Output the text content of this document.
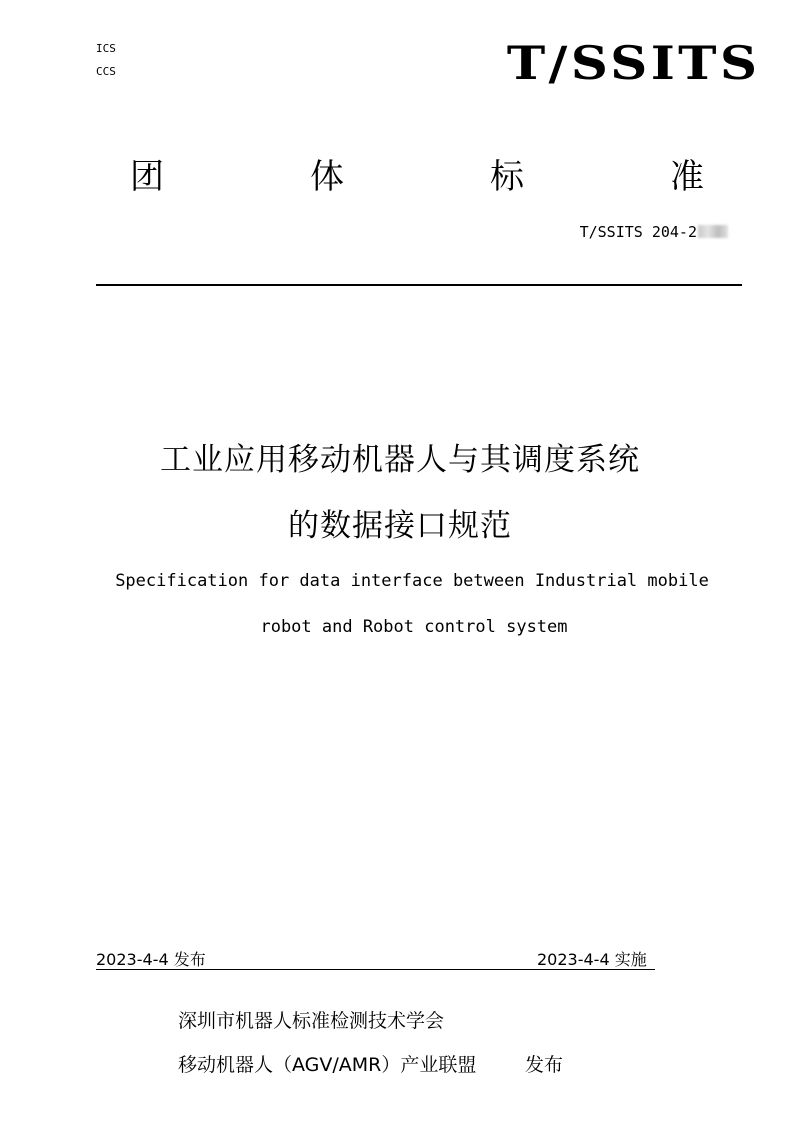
ICS
CCS	T/SSITS
团	体	标	准
T/SSITS 204-2
工业应用移动机器人与其调度系统
的数据接口规范
Specification for data interface between Industrial mobile
robot and Robot control system
2023-4-4 发布	2023-4-4 实施
深圳市机器人标准检测技术学会
移动机器人（AGV/AMR）产业联盟	发布
